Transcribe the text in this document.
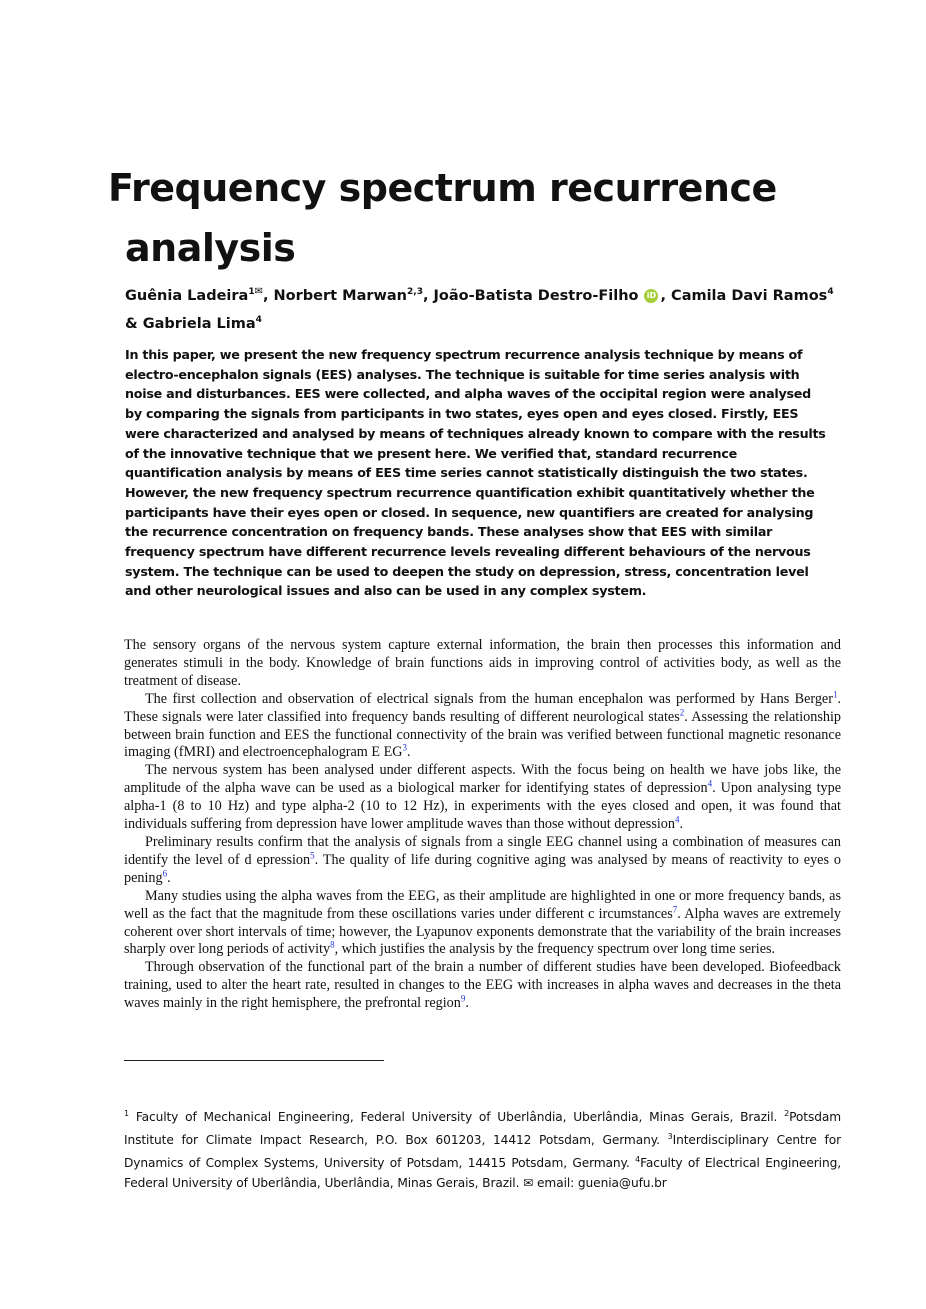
Frequency spectrum recurrence
analysis

Guênia Ladeira$^{1✉}$, Norbert Marwan$^{2,3}$, João-Batista Destro-Filho iD , Camila Davi Ramos$^4$ & Gabriela Lima$^4$

In this paper, we present the new frequency spectrum recurrence analysis technique by means of electro-encephalon signals (EES) analyses. The technique is suitable for time series analysis with noise and disturbances. EES were collected, and alpha waves of the occipital region were analysed by comparing the signals from participants in two states, eyes open and eyes closed. Firstly, EES were characterized and analysed by means of techniques already known to compare with the results of the innovative technique that we present here. We verified that, standard recurrence quantification analysis by means of EES time series cannot statistically distinguish the two states. However, the new frequency spectrum recurrence quantification exhibit quantitatively whether the participants have their eyes open or closed. In sequence, new quantifiers are created for analysing the recurrence concentration on frequency bands. These analyses show that EES with similar frequency spectrum have different recurrence levels revealing different behaviours of the nervous system. The technique can be used to deepen the study on depression, stress, concentration level and other neurological issues and also can be used in any complex system.

The sensory organs of the nervous system capture external information, the brain then processes this information and generates stimuli in the body. Knowledge of brain functions aids in improving control of activities body, as well as the treatment of disease.

The first collection and observation of electrical signals from the human encephalon was performed by Hans Berger$^1$. These signals were later classified into frequency bands resulting of different neurological states$^2$. Assessing the relationship between brain function and EES the functional connectivity of the brain was verified between functional magnetic resonance imaging (fMRI) and electroencephalogram E $EG^3$.

The nervous system has been analysed under different aspects. With the focus being on health we have jobs like, the amplitude of the alpha wave can be used as a biological marker for identifying states of depression$^4$. Upon analysing type alpha-1 (8 to 10 Hz) and type alpha-2 (10 to 12 Hz), in experiments with the eyes closed and open, it was found that individuals suffering from depression have lower amplitude waves than those without depression$^4$.

Preliminary results confirm that the analysis of signals from a single EEG channel using a combination of measures can identify the level of d epression$^5$. The quality of life during cognitive aging was analysed by means of reactivity to eyes o pening$^6$.

Many studies using the alpha waves from the EEG, as their amplitude are highlighted in one or more frequency bands, as well as the fact that the magnitude from these oscillations varies under different c ircumstances$^7$. Alpha waves are extremely coherent over short intervals of time; however, the Lyapunov exponents demonstrate that the variability of the brain increases sharply over long periods of activity$^8$, which justifies the analysis by the frequency spectrum over long time series.

Through observation of the functional part of the brain a number of different studies have been developed. Biofeedback training, used to alter the heart rate, resulted in changes to the EEG with increases in alpha waves and decreases in the theta waves mainly in the right hemisphere, the prefrontal region$^9$.

$^1$ Faculty of Mechanical Engineering, Federal University of Uberlândia, Uberlândia, Minas Gerais, Brazil. $^2$Potsdam Institute for Climate Impact Research, P.O. Box 601203, 14412 Potsdam, Germany. $^3$Interdisciplinary Centre for Dynamics of Complex Systems, University of Potsdam, 14415 Potsdam, Germany. $^4$Faculty of Electrical Engineering, Federal University of Uberlândia, Uberlândia, Minas Gerais, Brazil. ✉ email: guenia@ufu.br
